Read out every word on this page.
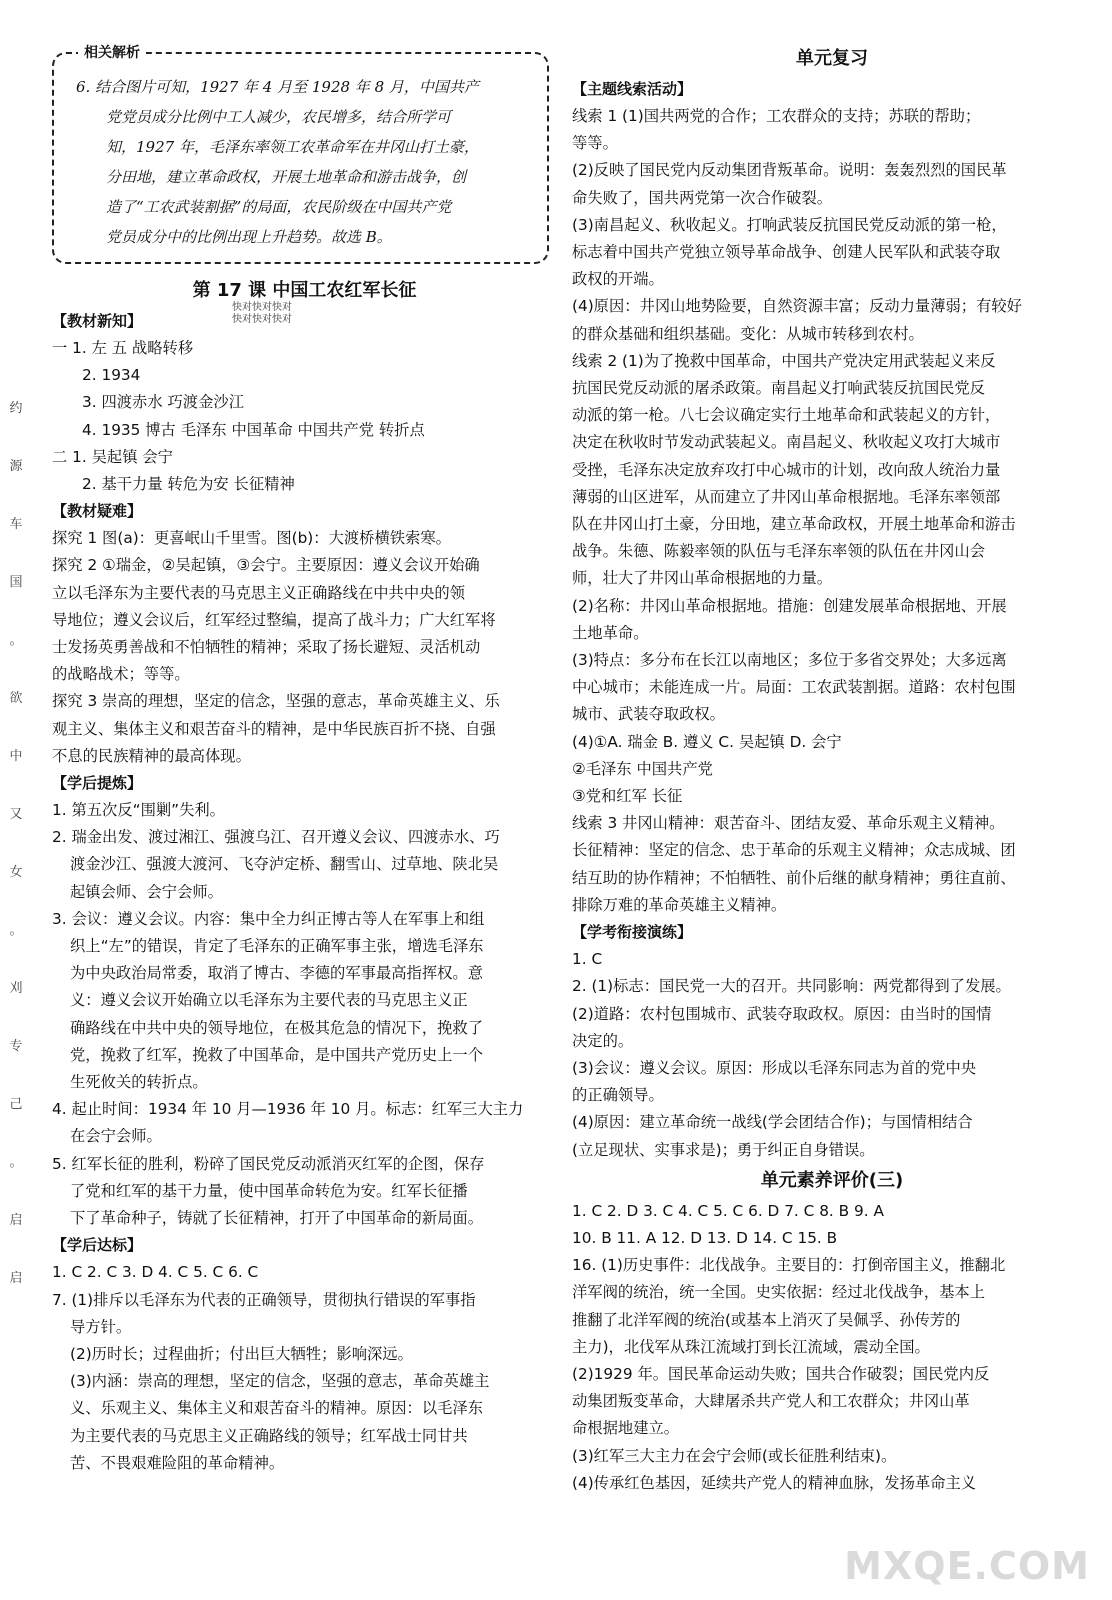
约
源
车
国
。
欲
中
又
女
。
刈
专
己
。
启
启
相关解析
6. 结合图片可知，1927 年 4 月至 1928 年 8 月，中国共产
党党员成分比例中工人减少，农民增多，结合所学可
知，1927 年，毛泽东率领工农革命军在井冈山打土豪，
分田地，建立革命政权，开展土地革命和游击战争，创
造了“工农武装割据”的局面，农民阶级在中国共产党
党员成分中的比例出现上升趋势。故选 B。
第 17 课 中国工农红军长征
【教材新知】
一 1. 左 五 战略转移
2. 1934
3. 四渡赤水 巧渡金沙江
4. 1935 博古 毛泽东 中国革命 中国共产党 转折点
二 1. 吴起镇 会宁
2. 基干力量 转危为安 长征精神
【教材疑难】
探究 1 图(a)：更喜岷山千里雪。图(b)：大渡桥横铁索寒。
探究 2 ①瑞金，②吴起镇，③会宁。主要原因：遵义会议开始确
立以毛泽东为主要代表的马克思主义正确路线在中共中央的领
导地位；遵义会议后，红军经过整编，提高了战斗力；广大红军将
士发扬英勇善战和不怕牺牲的精神；采取了扬长避短、灵活机动
的战略战术；等等。
探究 3 崇高的理想，坚定的信念，坚强的意志，革命英雄主义、乐
观主义、集体主义和艰苦奋斗的精神，是中华民族百折不挠、自强
不息的民族精神的最高体现。
【学后提炼】
1. 第五次反“围剿”失利。
2. 瑞金出发、渡过湘江、强渡乌江、召开遵义会议、四渡赤水、巧
渡金沙江、强渡大渡河、飞夺泸定桥、翻雪山、过草地、陕北吴
起镇会师、会宁会师。
3. 会议：遵义会议。内容：集中全力纠正博古等人在军事上和组
织上“左”的错误，肯定了毛泽东的正确军事主张，增选毛泽东
为中央政治局常委，取消了博古、李德的军事最高指挥权。意
义：遵义会议开始确立以毛泽东为主要代表的马克思主义正
确路线在中共中央的领导地位，在极其危急的情况下，挽救了
党，挽救了红军，挽救了中国革命，是中国共产党历史上一个
生死攸关的转折点。
4. 起止时间：1934 年 10 月—1936 年 10 月。标志：红军三大主力
在会宁会师。
5. 红军长征的胜利，粉碎了国民党反动派消灭红军的企图，保存
了党和红军的基干力量，使中国革命转危为安。红军长征播
下了革命种子，铸就了长征精神，打开了中国革命的新局面。
【学后达标】
1. C 2. C 3. D 4. C 5. C 6. C
7. (1)排斥以毛泽东为代表的正确领导，贯彻执行错误的军事指
导方针。
(2)历时长；过程曲折；付出巨大牺牲；影响深远。
(3)内涵：崇高的理想，坚定的信念，坚强的意志，革命英雄主
义、乐观主义、集体主义和艰苦奋斗的精神。原因：以毛泽东
为主要代表的马克思主义正确路线的领导；红军战士同甘共
苦、不畏艰难险阻的革命精神。
快对快对快对
快对快对快对
单元复习
【主题线索活动】
线索 1 (1)国共两党的合作；工农群众的支持；苏联的帮助；
等等。
(2)反映了国民党内反动集团背叛革命。说明：轰轰烈烈的国民革
命失败了，国共两党第一次合作破裂。
(3)南昌起义、秋收起义。打响武装反抗国民党反动派的第一枪，
标志着中国共产党独立领导革命战争、创建人民军队和武装夺取
政权的开端。
(4)原因：井冈山地势险要，自然资源丰富；反动力量薄弱；有较好
的群众基础和组织基础。变化：从城市转移到农村。
线索 2 (1)为了挽救中国革命，中国共产党决定用武装起义来反
抗国民党反动派的屠杀政策。南昌起义打响武装反抗国民党反
动派的第一枪。八七会议确定实行土地革命和武装起义的方针，
决定在秋收时节发动武装起义。南昌起义、秋收起义攻打大城市
受挫，毛泽东决定放弃攻打中心城市的计划，改向敌人统治力量
薄弱的山区进军，从而建立了井冈山革命根据地。毛泽东率领部
队在井冈山打土豪，分田地，建立革命政权，开展土地革命和游击
战争。朱德、陈毅率领的队伍与毛泽东率领的队伍在井冈山会
师，壮大了井冈山革命根据地的力量。
(2)名称：井冈山革命根据地。措施：创建发展革命根据地、开展
土地革命。
(3)特点：多分布在长江以南地区；多位于多省交界处；大多远离
中心城市；未能连成一片。局面：工农武装割据。道路：农村包围
城市、武装夺取政权。
(4)①A. 瑞金 B. 遵义 C. 吴起镇 D. 会宁
②毛泽东 中国共产党
③党和红军 长征
线索 3 井冈山精神：艰苦奋斗、团结友爱、革命乐观主义精神。
长征精神：坚定的信念、忠于革命的乐观主义精神；众志成城、团
结互助的协作精神；不怕牺牲、前仆后继的献身精神；勇往直前、
排除万难的革命英雄主义精神。
【学考衔接演练】
1. C
2. (1)标志：国民党一大的召开。共同影响：两党都得到了发展。
(2)道路：农村包围城市、武装夺取政权。原因：由当时的国情
决定的。
(3)会议：遵义会议。原因：形成以毛泽东同志为首的党中央
的正确领导。
(4)原因：建立革命统一战线(学会团结合作)；与国情相结合
(立足现状、实事求是)；勇于纠正自身错误。
单元素养评价(三)
1. C 2. D 3. C 4. C 5. C 6. D 7. C 8. B 9. A
10. B 11. A 12. D 13. D 14. C 15. B
16. (1)历史事件：北伐战争。主要目的：打倒帝国主义，推翻北
洋军阀的统治，统一全国。史实依据：经过北伐战争，基本上
推翻了北洋军阀的统治(或基本上消灭了吴佩孚、孙传芳的
主力)，北伐军从珠江流域打到长江流域，震动全国。
(2)1929 年。国民革命运动失败；国共合作破裂；国民党内反
动集团叛变革命，大肆屠杀共产党人和工农群众；井冈山革
命根据地建立。
(3)红军三大主力在会宁会师(或长征胜利结束)。
(4)传承红色基因，延续共产党人的精神血脉，发扬革命主义
MXQE.COM
